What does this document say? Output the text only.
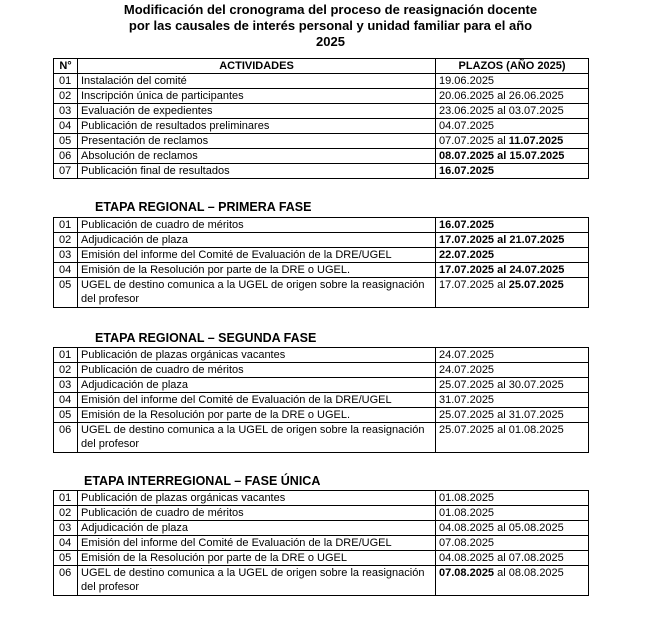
Modificación del cronograma del proceso de reasignación docente
por las causales de interés personal y unidad familiar para el año
2025
N°	ACTIVIDADES	PLAZOS (AÑO 2025)
01	Instalación del comité	19.06.2025
02	Inscripción única de participantes	20.06.2025 al 26.06.2025
03	Evaluación de expedientes	23.06.2025 al 03.07.2025
04	Publicación de resultados preliminares	04.07.2025
05	Presentación de reclamos	07.07.2025 al 11.07.2025
06	Absolución de reclamos	08.07.2025 al 15.07.2025
07	Publicación final de resultados	16.07.2025
ETAPA REGIONAL – PRIMERA FASE
01	Publicación de cuadro de méritos	16.07.2025
02	Adjudicación de plaza	17.07.2025 al 21.07.2025
03	Emisión del informe del Comité de Evaluación de la DRE/UGEL	22.07.2025
04	Emisión de la Resolución por parte de la DRE o UGEL.	17.07.2025 al 24.07.2025
05	UGEL de destino comunica a la UGEL de origen sobre la reasignación del profesor	17.07.2025 al 25.07.2025
ETAPA REGIONAL – SEGUNDA FASE
01	Publicación de plazas orgánicas vacantes	24.07.2025
02	Publicación de cuadro de méritos	24.07.2025
03	Adjudicación de plaza	25.07.2025 al 30.07.2025
04	Emisión del informe del Comité de Evaluación de la DRE/UGEL	31.07.2025
05	Emisión de la Resolución por parte de la DRE o UGEL.	25.07.2025 al 31.07.2025
06	UGEL de destino comunica a la UGEL de origen sobre la reasignación del profesor	25.07.2025 al 01.08.2025
ETAPA INTERREGIONAL – FASE ÚNICA
01	Publicación de plazas orgánicas vacantes	01.08.2025
02	Publicación de cuadro de méritos	01.08.2025
03	Adjudicación de plaza	04.08.2025 al 05.08.2025
04	Emisión del informe del Comité de Evaluación de la DRE/UGEL	07.08.2025
05	Emisión de la Resolución por parte de la DRE o UGEL	04.08.2025 al 07.08.2025
06	UGEL de destino comunica a la UGEL de origen sobre la reasignación del profesor	07.08.2025 al 08.08.2025
